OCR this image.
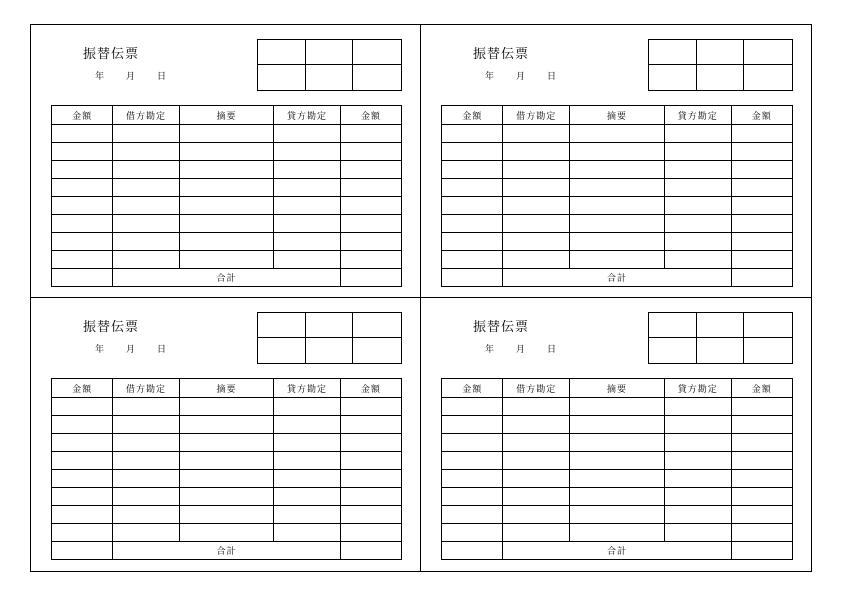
振替伝票
年 月 日
金額	借方勘定	摘要	貸方勘定	金額

	合計			
振替伝票
年 月 日
金額	借方勘定	摘要	貸方勘定	金額

	合計			
振替伝票
年 月 日
金額	借方勘定	摘要	貸方勘定	金額

	合計			
振替伝票
年 月 日
金額	借方勘定	摘要	貸方勘定	金額

	合計			
